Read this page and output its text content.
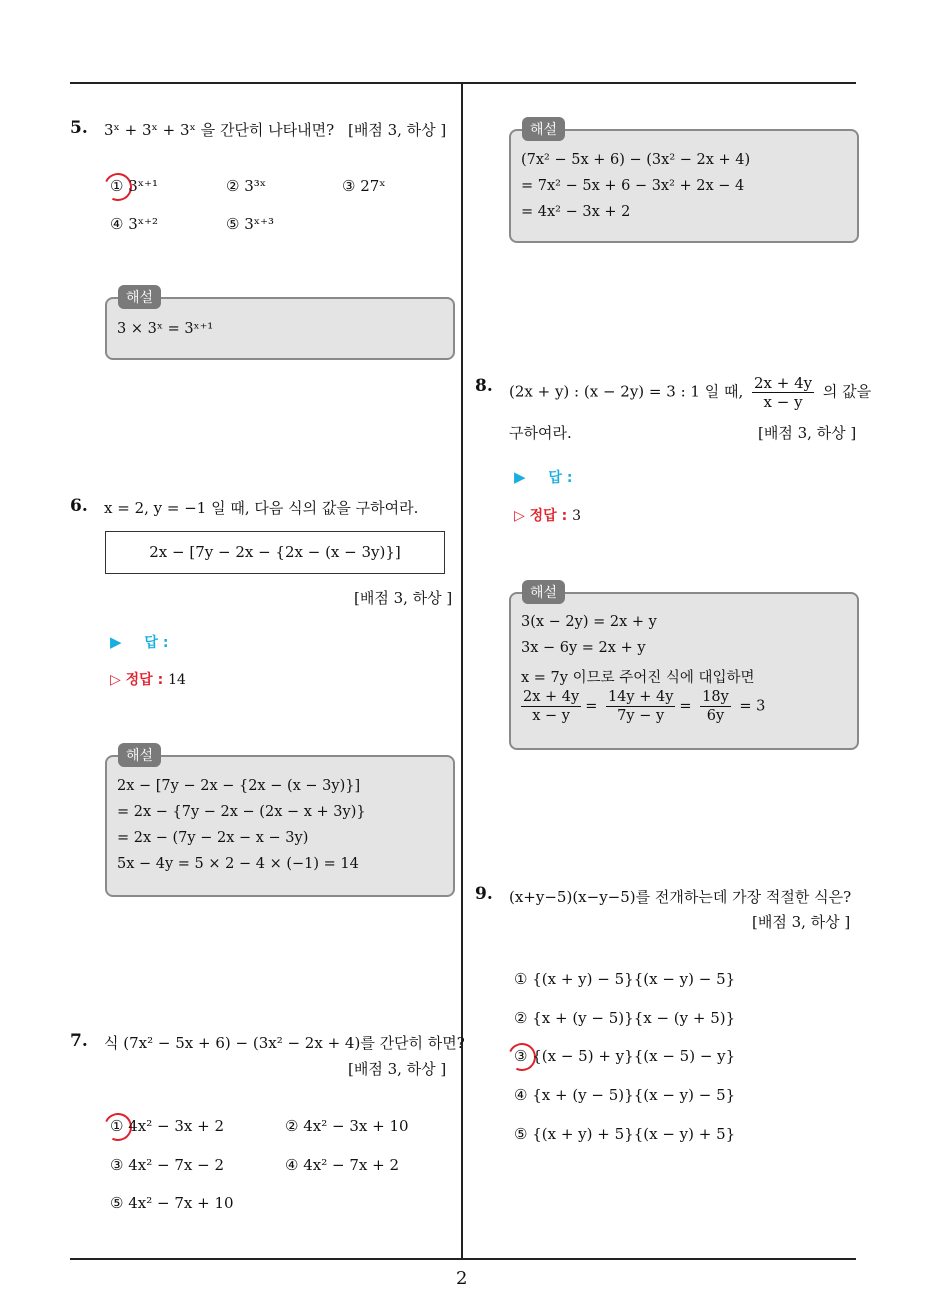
2
5. 3ˣ + 3ˣ + 3ˣ 을 간단히 나타내면? [배점 3, 하상 ]
① 3ˣ⁺¹	② 3³ˣ	③ 27ˣ
④ 3ˣ⁺²	⑤ 3ˣ⁺³
3 × 3ˣ = 3ˣ⁺¹
해설
6. x = 2, y = −1 일 때, 다음 식의 값을 구하여라.
2x − [7y − 2x − {2x − (x − 3y)}]
[배점 3, 하상 ]
▶ 답 :
▷ 정답 : 14
2x − [7y − 2x − {2x − (x − 3y)}]
= 2x − {7y − 2x − (2x − x + 3y)}
= 2x − (7y − 2x − x − 3y)
5x − 4y = 5 × 2 − 4 × (−1) = 14
해설
7. 식 (7x² − 5x + 6) − (3x² − 2x + 4)를 간단히 하면?
[배점 3, 하상 ]
① 4x² − 3x + 2	② 4x² − 3x + 10
③ 4x² − 7x − 2	④ 4x² − 7x + 2
⑤ 4x² − 7x + 10
(7x² − 5x + 6) − (3x² − 2x + 4)
= 7x² − 5x + 6 − 3x² + 2x − 4
= 4x² − 3x + 2
해설
8. (2x + y) : (x − 2y) = 3 : 1 일 때, $\frac{2x + 4y}{x - y}$ 의 값을
구하여라.	[배점 3, 하상 ]
▶ 답 :
▷ 정답 : 3
3(x − 2y) = 2x + y
3x − 6y = 2x + y
x = 7y 이므로 주어진 식에 대입하면
$\frac{2x + 4y}{x - y} = \frac{14y + 4y}{7y - y} = \frac{18y}{6y} = 3$
해설
9. (x+y−5)(x−y−5)를 전개하는데 가장 적절한 식은?
[배점 3, 하상 ]
① {(x + y) − 5}{(x − y) − 5}
② {x + (y − 5)}{x − (y + 5)}
③ {(x − 5) + y}{(x − 5) − y}
④ {x + (y − 5)}{(x − y) − 5}
⑤ {(x + y) + 5}{(x − y) + 5}
